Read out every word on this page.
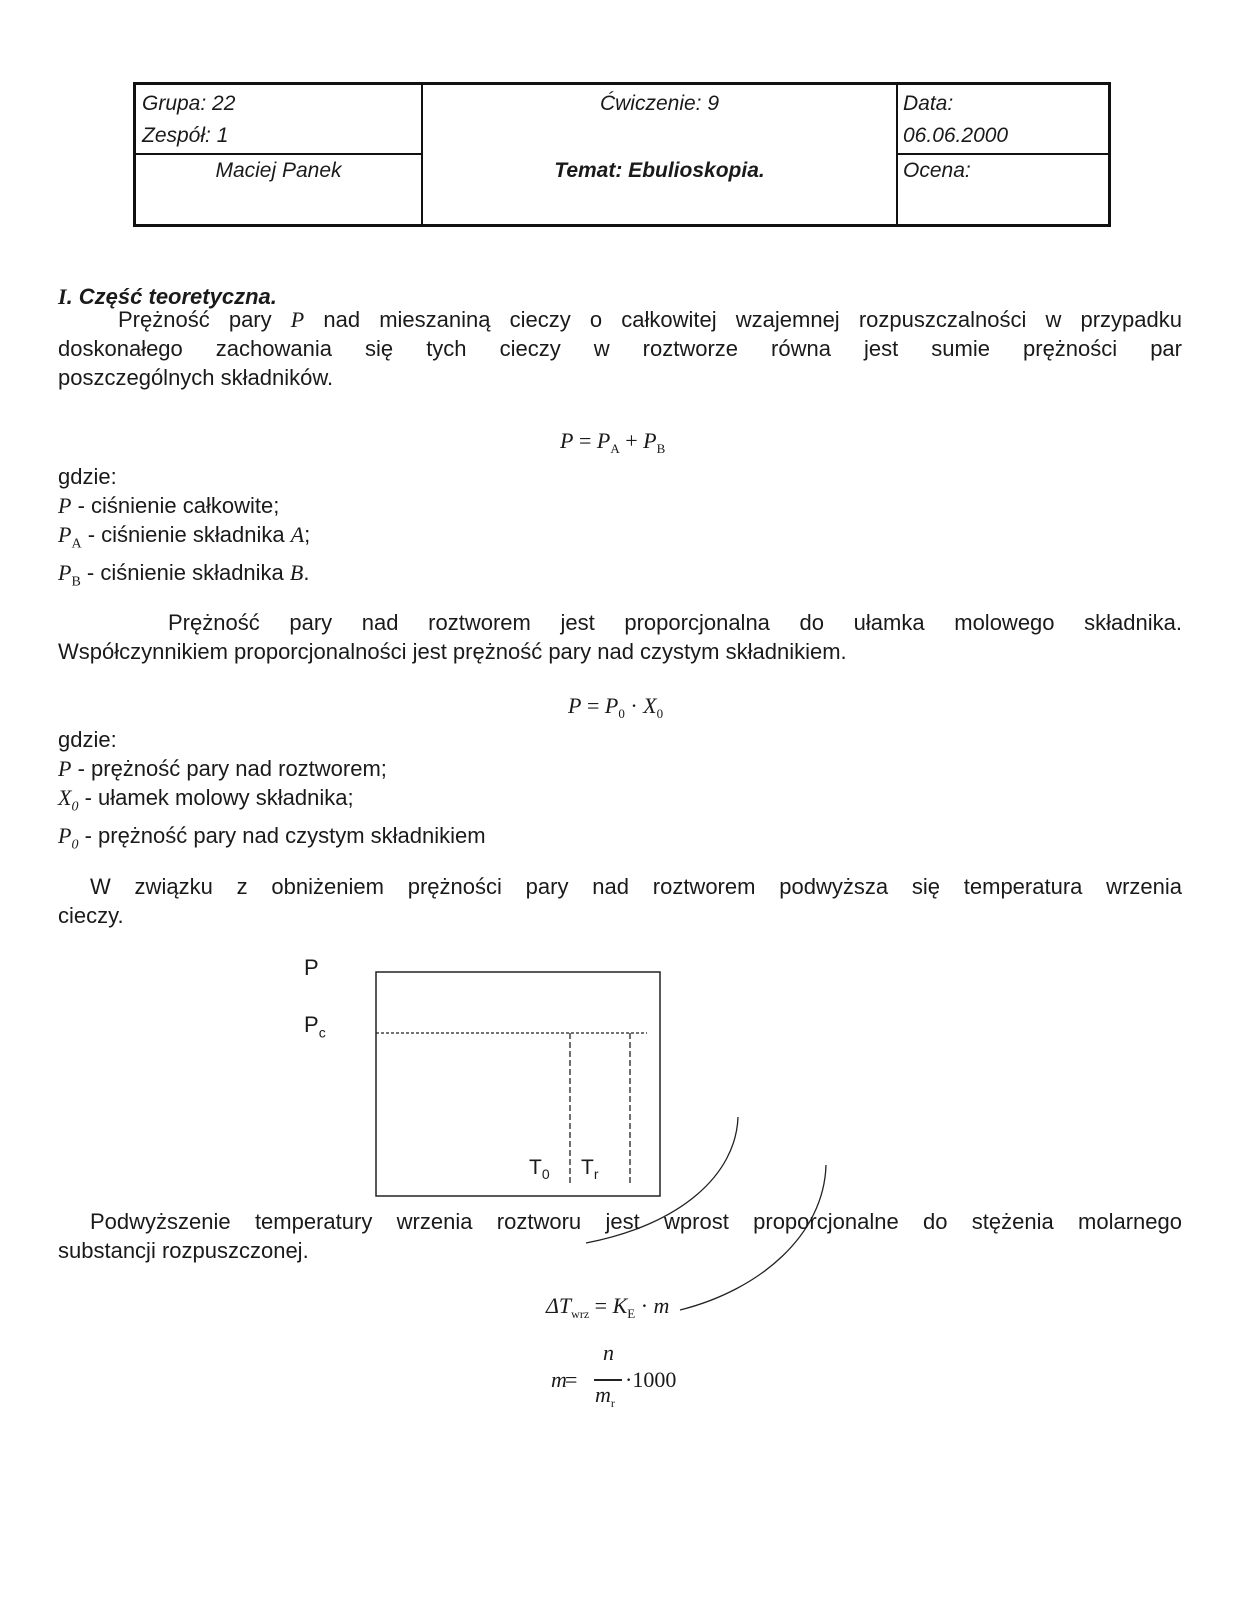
Grupa: 22
Zespół: 1
Maciej Panek
Ćwiczenie: 9
Temat: Ebulioskopia.
Data:
06.06.2000
Ocena:
I. Część teoretyczna.
Prężność pary P nad mieszaniną cieczy o całkowitej wzajemnej rozpuszczalności w przypadku
doskonałego zachowania się tych cieczy w roztworze równa jest sumie prężności par
poszczególnych składników.
$P = P_A + P_B$
gdzie:
P - ciśnienie całkowite;
$P_A$ - ciśnienie składnika A;
$P_B$ - ciśnienie składnika B.
Prężność pary nad roztworem jest proporcjonalna do ułamka molowego składnika.
Współczynnikiem proporcjonalności jest prężność pary nad czystym składnikiem.
$P = P_0 \cdot X_0$
gdzie:
P - prężność pary nad roztworem;
$X_0$ - ułamek molowy składnika;
$P_0$ - prężność pary nad czystym składnikiem
W związku z obniżeniem prężności pary nad roztworem podwyższa się temperatura wrzenia
cieczy.
P
$P_c$
$T_0$ $T_r$
Podwyższenie temperatury wrzenia roztworu jest wprost proporcjonalne do stężenia molarnego
substancji rozpuszczonej.
$\Delta T_{wrz} = K_E \cdot m$
m
=
n
$m_r$
·1000
